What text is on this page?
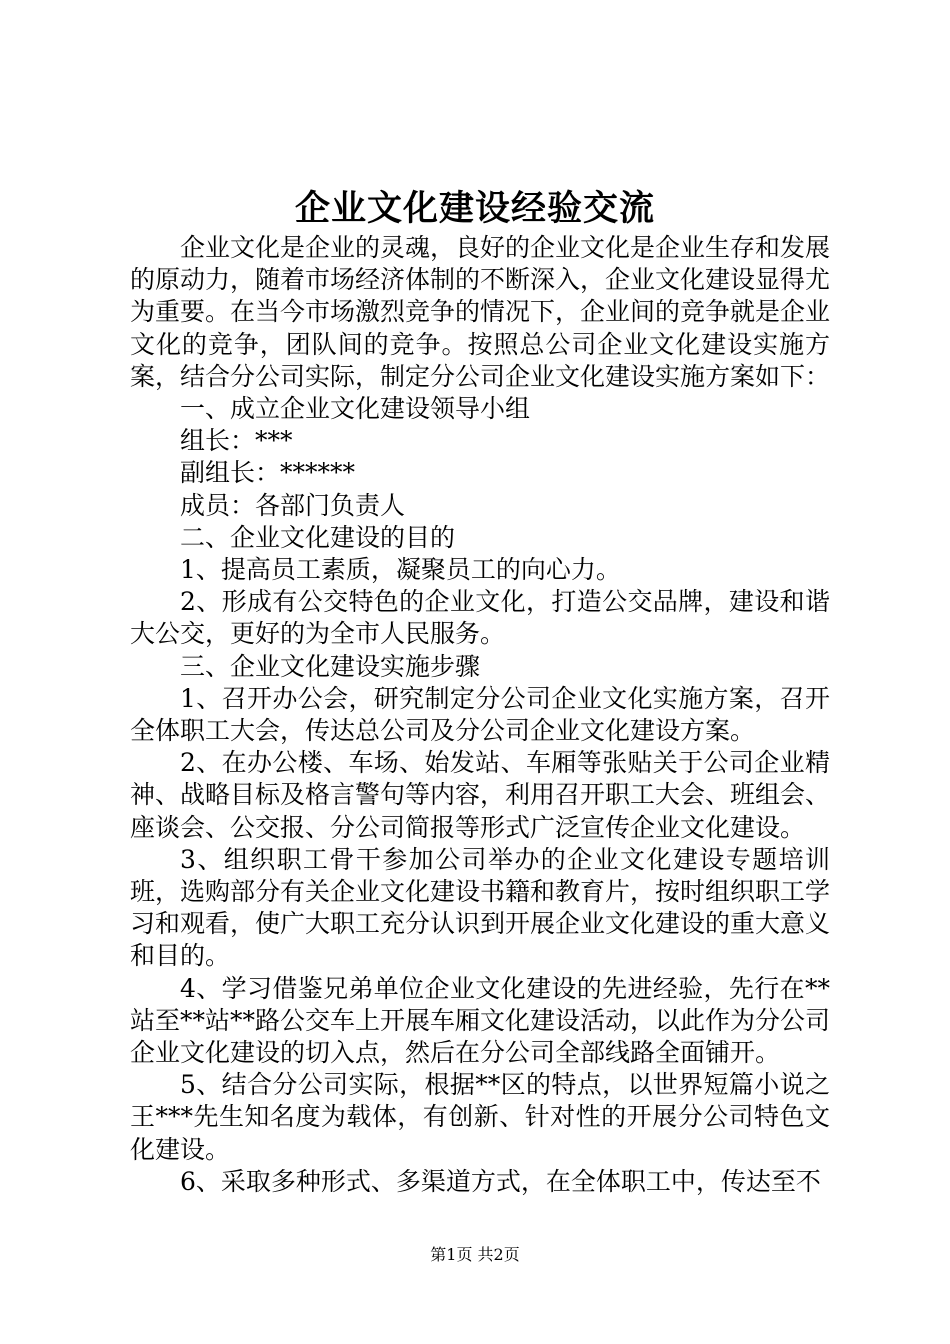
企业文化建设经验交流

企业文化是企业的灵魂，良好的企业文化是企业生存和发展的原动力，随着市场经济体制的不断深入，企业文化建设显得尤为重要。在当今市场激烈竞争的情况下，企业间的竞争就是企业文化的竞争，团队间的竞争。按照总公司企业文化建设实施方案，结合分公司实际，制定分公司企业文化建设实施方案如下：

一、成立企业文化建设领导小组

组长：***

副组长：******

成员：各部门负责人

二、企业文化建设的目的

1、提高员工素质，凝聚员工的向心力。

2、形成有公交特色的企业文化，打造公交品牌，建设和谐大公交，更好的为全市人民服务。

三、企业文化建设实施步骤

1、召开办公会，研究制定分公司企业文化实施方案，召开全体职工大会，传达总公司及分公司企业文化建设方案。

2、在办公楼、车场、始发站、车厢等张贴关于公司企业精神、战略目标及格言警句等内容，利用召开职工大会、班组会、座谈会、公交报、分公司简报等形式广泛宣传企业文化建设。

3、组织职工骨干参加公司举办的企业文化建设专题培训班，选购部分有关企业文化建设书籍和教育片，按时组织职工学习和观看，使广大职工充分认识到开展企业文化建设的重大意义和目的。

4、学习借鉴兄弟单位企业文化建设的先进经验，先行在**站至**站**路公交车上开展车厢文化建设活动，以此作为分公司企业文化建设的切入点，然后在分公司全部线路全面铺开。

5、结合分公司实际，根据**区的特点，以世界短篇小说之王***先生知名度为载体，有创新、针对性的开展分公司特色文化建设。

6、采取多种形式、多渠道方式，在全体职工中，传达至不

第1页 共2页
